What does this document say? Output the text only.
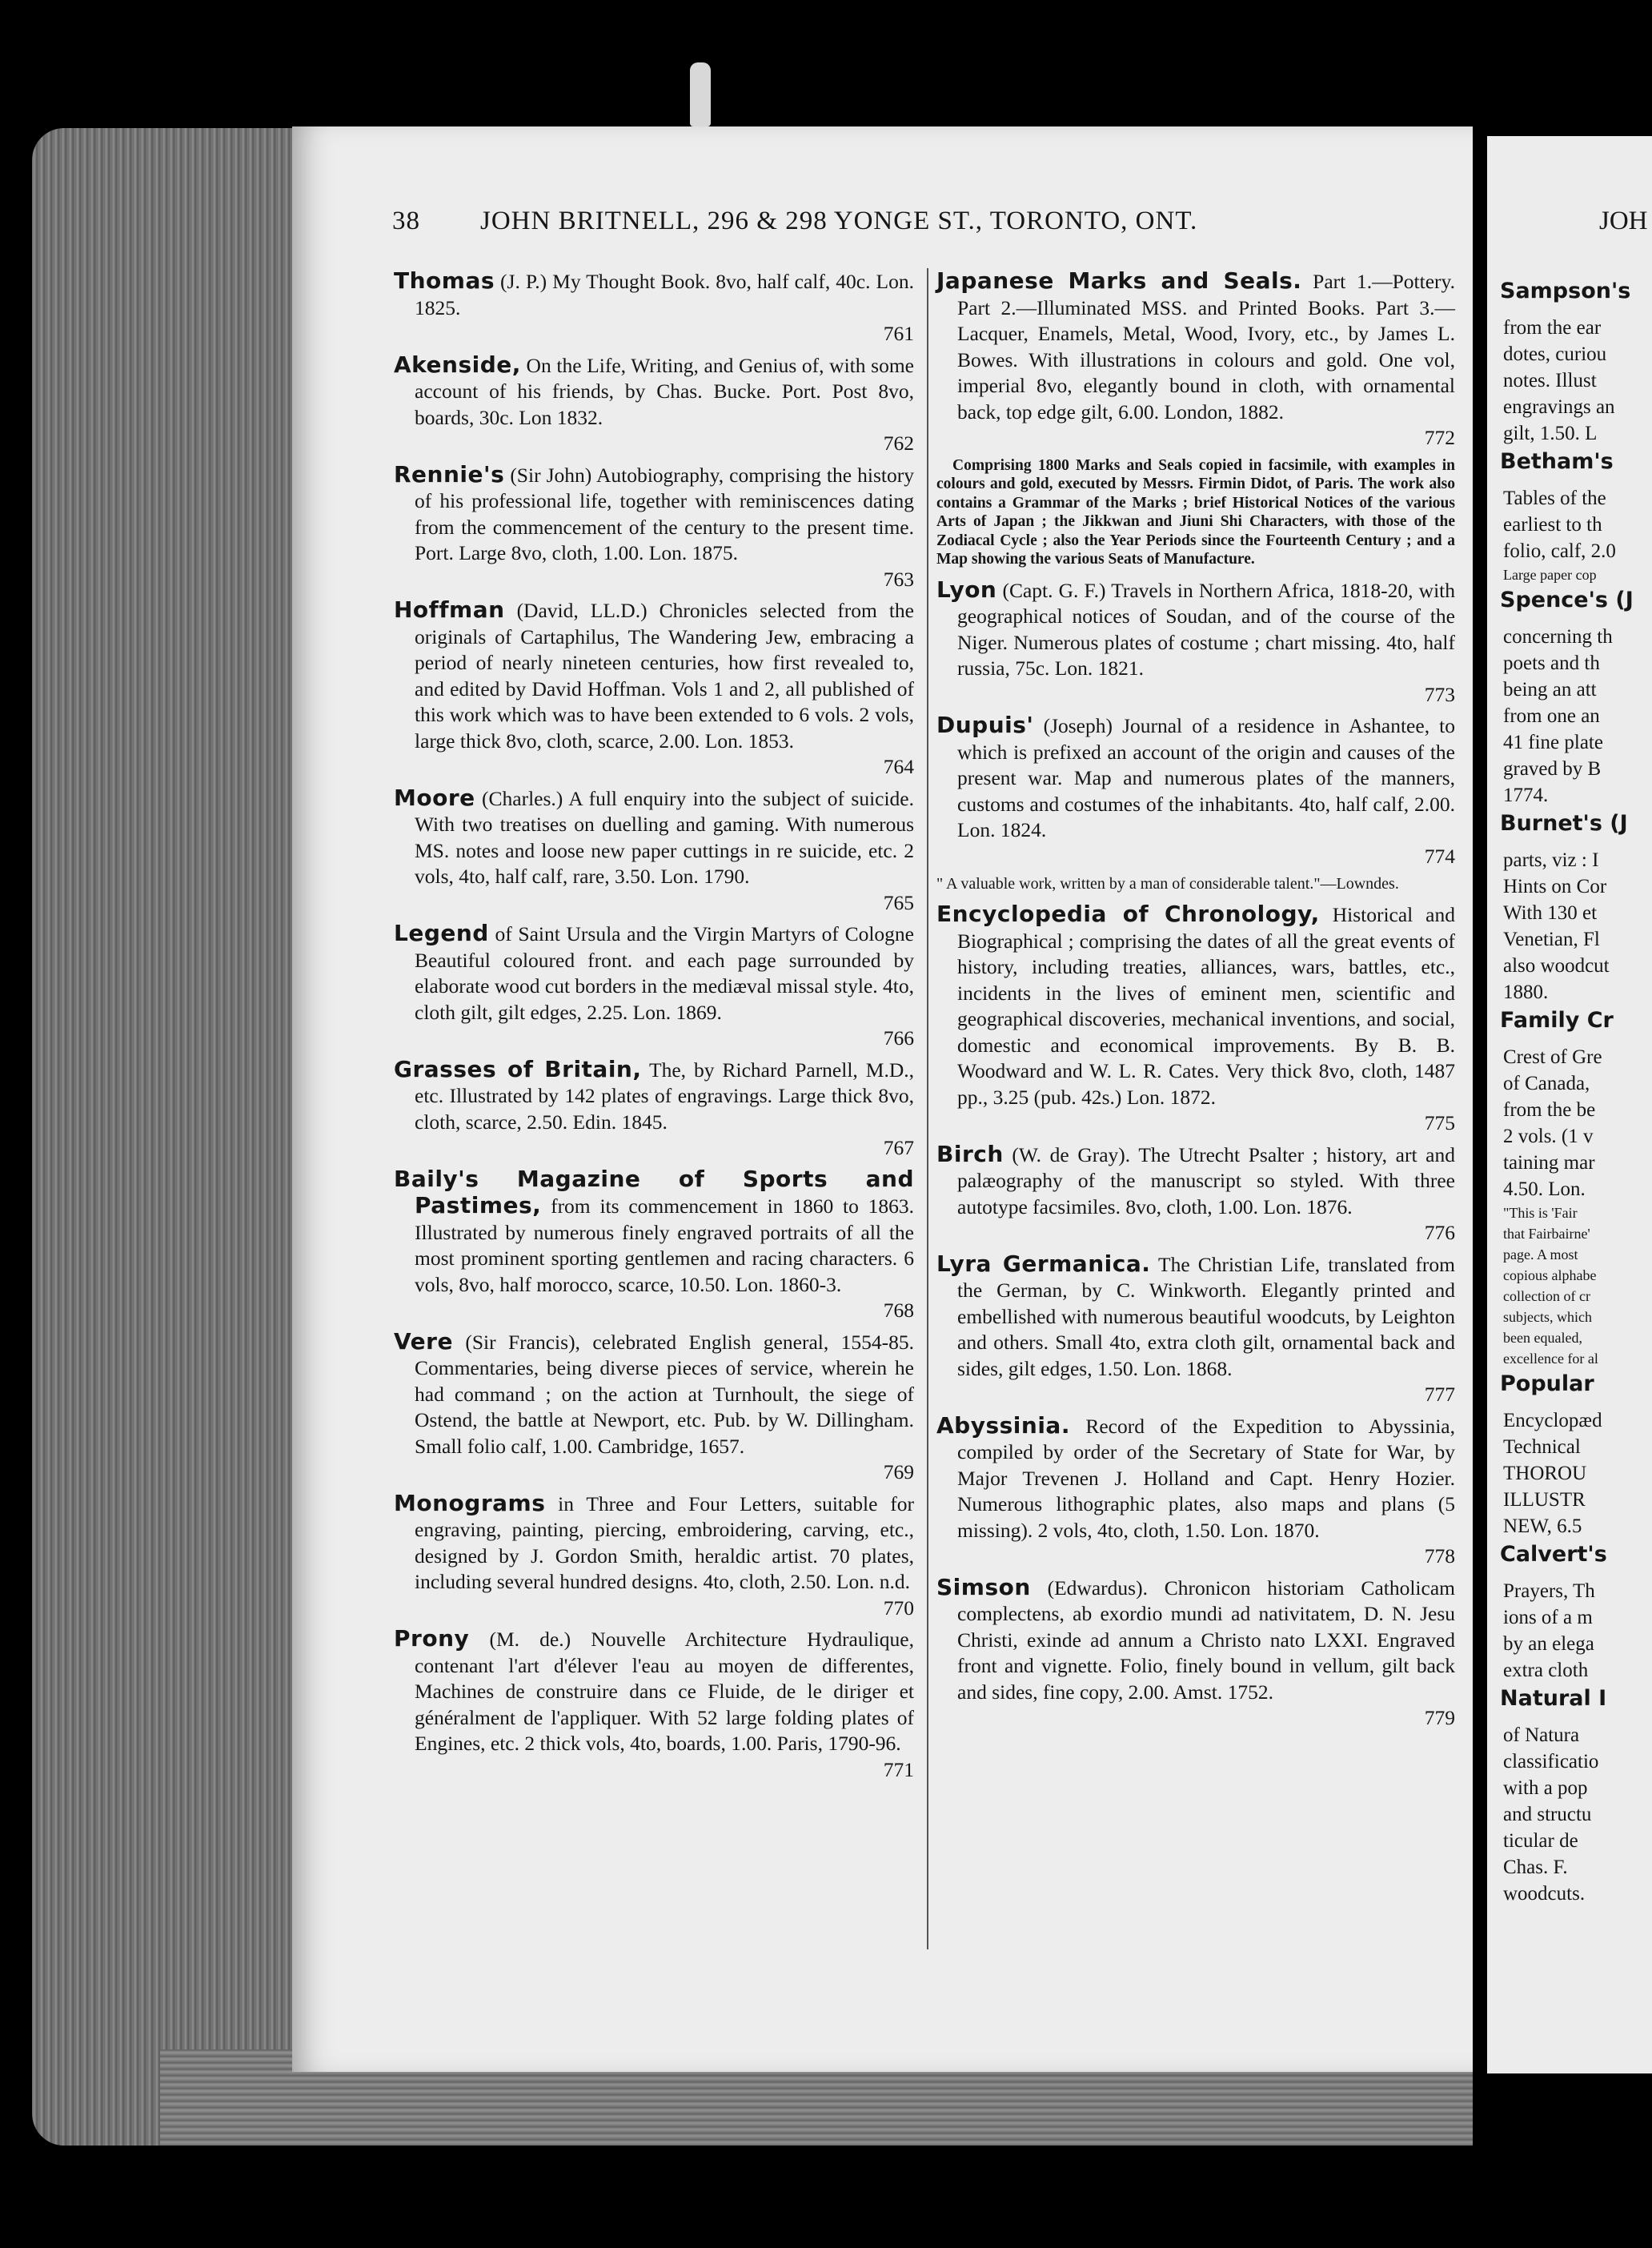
38 JOHN BRITNELL, 296 & 298 YONGE ST., TORONTO, ONT.
Thomas (J. P.) My Thought Book. 8vo, half calf, 40c. Lon. 1825.
761
Akenside, On the Life, Writing, and Genius of, with some account of his friends, by Chas. Bucke. Port. Post 8vo, boards, 30c. Lon 1832.
762
Rennie's (Sir John) Autobiography, comprising the history of his professional life, together with reminiscences dating from the commencement of the century to the present time. Port. Large 8vo, cloth, 1.00. Lon. 1875.
763
Hoffman (David, LL.D.) Chronicles selected from the originals of Cartaphilus, The Wandering Jew, embracing a period of nearly nineteen centuries, how first revealed to, and edited by David Hoffman. Vols 1 and 2, all published of this work which was to have been extended to 6 vols. 2 vols, large thick 8vo, cloth, scarce, 2.00. Lon. 1853.
764
Moore (Charles.) A full enquiry into the subject of suicide. With two treatises on duelling and gaming. With numerous MS. notes and loose new paper cuttings in re suicide, etc. 2 vols, 4to, half calf, rare, 3.50. Lon. 1790.
765
Legend of Saint Ursula and the Virgin Martyrs of Cologne Beautiful coloured front. and each page surrounded by elaborate wood cut borders in the mediæval missal style. 4to, cloth gilt, gilt edges, 2.25. Lon. 1869.
766
Grasses of Britain, The, by Richard Parnell, M.D., etc. Illustrated by 142 plates of engravings. Large thick 8vo, cloth, scarce, 2.50. Edin. 1845.
767
Baily's Magazine of Sports and Pastimes, from its commencement in 1860 to 1863. Illustrated by numerous finely engraved portraits of all the most prominent sporting gentlemen and racing characters. 6 vols, 8vo, half morocco, scarce, 10.50. Lon. 1860-3.
768
Vere (Sir Francis), celebrated English general, 1554-85. Commentaries, being diverse pieces of service, wherein he had command ; on the action at Turnhoult, the siege of Ostend, the battle at Newport, etc. Pub. by W. Dillingham. Small folio calf, 1.00. Cambridge, 1657.
769
Monograms in Three and Four Letters, suitable for engraving, painting, piercing, embroidering, carving, etc., designed by J. Gordon Smith, heraldic artist. 70 plates, including several hundred designs. 4to, cloth, 2.50. Lon. n.d.
770
Prony (M. de.) Nouvelle Architecture Hydraulique, contenant l'art d'élever l'eau au moyen de differentes, Machines de construire dans ce Fluide, de le diriger et généralment de l'appliquer. With 52 large folding plates of Engines, etc. 2 thick vols, 4to, boards, 1.00. Paris, 1790-96.
771
Japanese Marks and Seals. Part 1.—Pottery. Part 2.—Illuminated MSS. and Printed Books. Part 3.—Lacquer, Enamels, Metal, Wood, Ivory, etc., by James L. Bowes. With illustrations in colours and gold. One vol, imperial 8vo, elegantly bound in cloth, with ornamental back, top edge gilt, 6.00. London, 1882.
772
Comprising 1800 Marks and Seals copied in facsimile, with examples in colours and gold, executed by Messrs. Firmin Didot, of Paris. The work also contains a Grammar of the Marks ; brief Historical Notices of the various Arts of Japan ; the Jikkwan and Jiuni Shi Characters, with those of the Zodiacal Cycle ; also the Year Periods since the Fourteenth Century ; and a Map showing the various Seats of Manufacture.
Lyon (Capt. G. F.) Travels in Northern Africa, 1818-20, with geographical notices of Soudan, and of the course of the Niger. Numerous plates of costume ; chart missing. 4to, half russia, 75c. Lon. 1821.
773
Dupuis' (Joseph) Journal of a residence in Ashantee, to which is prefixed an account of the origin and causes of the present war. Map and numerous plates of the manners, customs and costumes of the inhabitants. 4to, half calf, 2.00. Lon. 1824.
774
" A valuable work, written by a man of considerable talent."—Lowndes.
Encyclopedia of Chronology, Historical and Biographical ; comprising the dates of all the great events of history, including treaties, alliances, wars, battles, etc., incidents in the lives of eminent men, scientific and geographical discoveries, mechanical inventions, and social, domestic and economical improvements. By B. B. Woodward and W. L. R. Cates. Very thick 8vo, cloth, 1487 pp., 3.25 (pub. 42s.) Lon. 1872.
775
Birch (W. de Gray). The Utrecht Psalter ; history, art and palæography of the manuscript so styled. With three autotype facsimiles. 8vo, cloth, 1.00. Lon. 1876.
776
Lyra Germanica. The Christian Life, translated from the German, by C. Winkworth. Elegantly printed and embellished with numerous beautiful woodcuts, by Leighton and others. Small 4to, extra cloth gilt, ornamental back and sides, gilt edges, 1.50. Lon. 1868.
777
Abyssinia. Record of the Expedition to Abyssinia, compiled by order of the Secretary of State for War, by Major Trevenen J. Holland and Capt. Henry Hozier. Numerous lithographic plates, also maps and plans (5 missing). 2 vols, 4to, cloth, 1.50. Lon. 1870.
778
Simson (Edwardus). Chronicon historiam Catholicam complectens, ab exordio mundi ad nativitatem, D. N. Jesu Christi, exinde ad annum a Christo nato LXXI. Engraved front and vignette. Folio, finely bound in vellum, gilt back and sides, fine copy, 2.00. Amst. 1752.
779
JOH
Sampson's
from the ear
dotes, curiou
notes. Illust
engravings an
gilt, 1.50. L
Betham's
Tables of the
earliest to th
folio, calf, 2.0
Large paper cop
Spence's (J
concerning th
poets and th
being an att
from one an
41 fine plate
graved by B
1774.
Burnet's (J
parts, viz : I
Hints on Cor
With 130 et
Venetian, Fl
also woodcut
1880.
Family Cr
Crest of Gre
of Canada,
from the be
2 vols. (1 v
taining mar
4.50. Lon.
"This is 'Fair
that Fairbairne'
page. A most
copious alphabe
collection of cr
subjects, which
been equaled,
excellence for al
Popular
Encyclopæd
Technical
THOROU
ILLUSTR
NEW, 6.5
Calvert's
Prayers, Th
ions of a m
by an elega
extra cloth
Natural I
of Natura
classificatio
with a pop
and structu
ticular de
Chas. F.
woodcuts.
